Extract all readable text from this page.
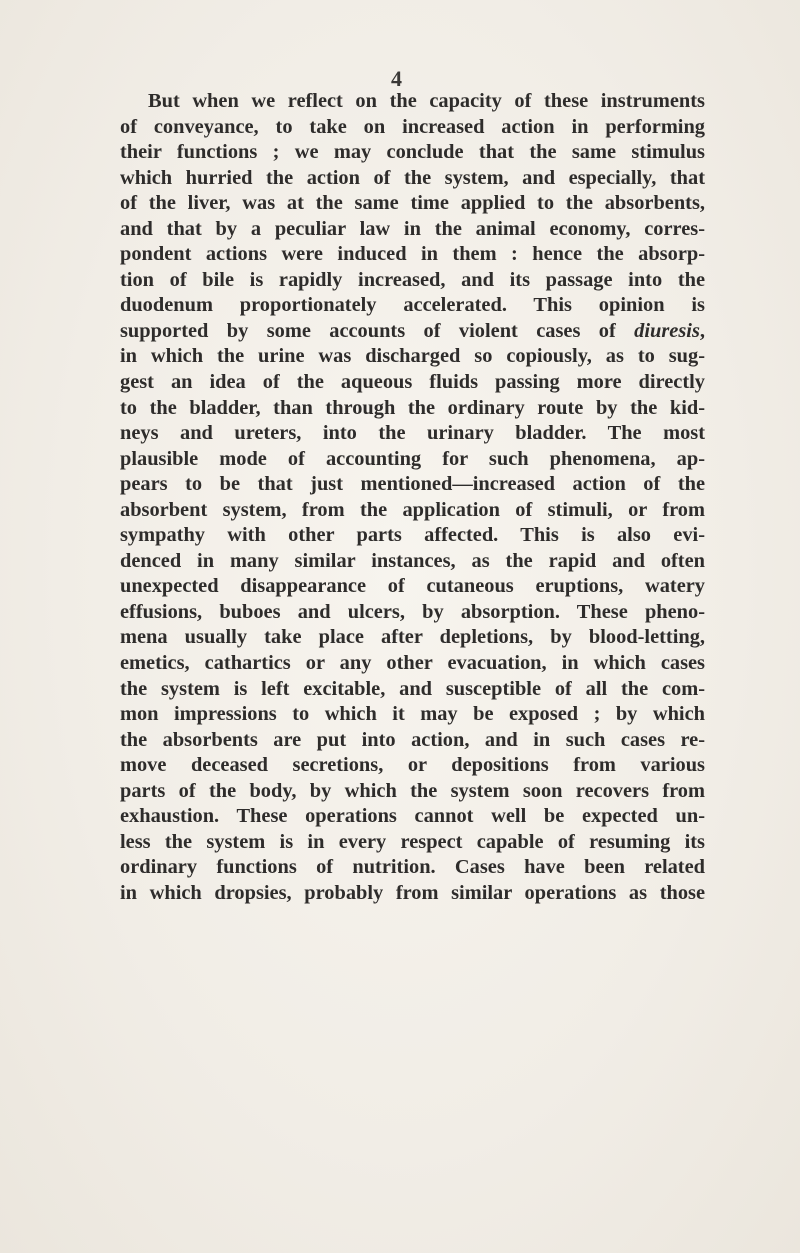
4
But when we reflect on the capacity of these instruments
of conveyance, to take on increased action in performing
their functions ; we may conclude that the same stimulus
which hurried the action of the system, and especially, that
of the liver, was at the same time applied to the absorbents,
and that by a peculiar law in the animal economy, corres-
pondent actions were induced in them : hence the absorp-
tion of bile is rapidly increased, and its passage into the
duodenum proportionately accelerated. This opinion is
supported by some accounts of violent cases of diuresis,
in which the urine was discharged so copiously, as to sug-
gest an idea of the aqueous fluids passing more directly
to the bladder, than through the ordinary route by the kid-
neys and ureters, into the urinary bladder. The most
plausible mode of accounting for such phenomena, ap-
pears to be that just mentioned—increased action of the
absorbent system, from the application of stimuli, or from
sympathy with other parts affected. This is also evi-
denced in many similar instances, as the rapid and often
unexpected disappearance of cutaneous eruptions, watery
effusions, buboes and ulcers, by absorption. These pheno-
mena usually take place after depletions, by blood-letting,
emetics, cathartics or any other evacuation, in which cases
the system is left excitable, and susceptible of all the com-
mon impressions to which it may be exposed ; by which
the absorbents are put into action, and in such cases re-
move deceased secretions, or depositions from various
parts of the body, by which the system soon recovers from
exhaustion. These operations cannot well be expected un-
less the system is in every respect capable of resuming its
ordinary functions of nutrition. Cases have been related
in which dropsies, probably from similar operations as those
